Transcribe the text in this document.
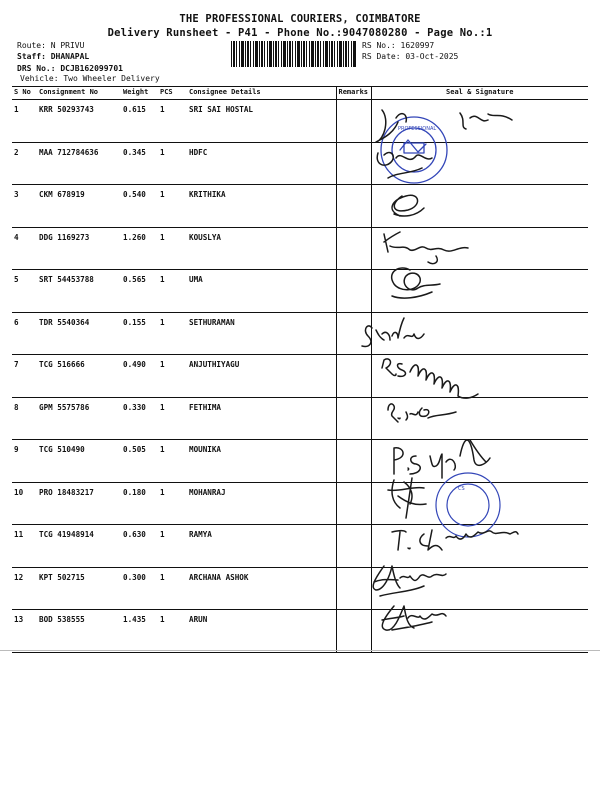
THE PROFESSIONAL COURIERS, COIMBATORE
Delivery Runsheet - P41 - Phone No.:9047080280 - Page No.:1
Route: N PRIVU
Staff: DHANAPAL
DRS No.: DCJB162099701
Vehicle: Two Wheeler Delivery
RS No.: 1620997
RS Date: 03-Oct-2025
S No	Consignment No	Weight	PCS	Consignee Details	Remarks	Seal & Signature
1	KRR 50293743	0.615	1	SRI SAI HOSTAL		
2	MAA 712784636	0.345	1	HDFC		
3	CKM 678919	0.540	1	KRITHIKA		
4	DDG 1169273	1.260	1	KOUSLYA		
5	SRT 54453788	0.565	1	UMA		
6	TDR 5540364	0.155	1	SETHURAMAN		
7	TCG 516666	0.490	1	ANJUTHIYAGU		
8	GPM 5575786	0.330	1	FETHIMA		
9	TCG 510490	0.505	1	MOUNIKA		
10	PRO 18483217	0.180	1	MOHANRAJ		
11	TCG 41948914	0.630	1	RAMYA		
12	KPT 502715	0.300	1	ARCHANA ASHOK		
13	BOD 538555	1.435	1	ARUN		
PROFESSIONAL
CS
